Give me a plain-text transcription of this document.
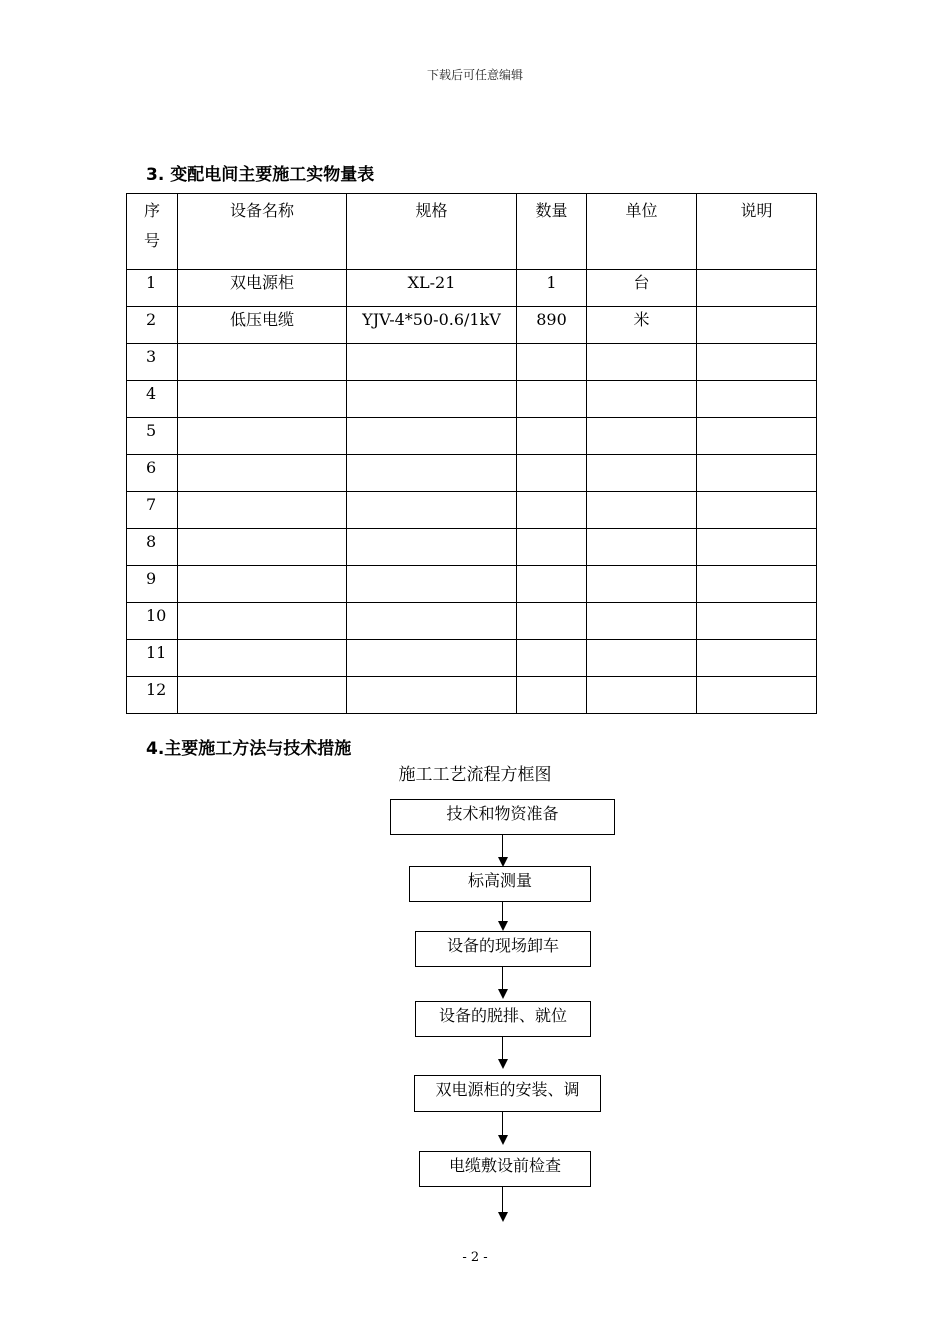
下载后可任意编辑
3. 变配电间主要施工实物量表
序号	设备名称	规格	数量	单位	说明
1	双电源柜	XL-21	1	台	
2	低压电缆	YJV-4*50-0.6/1kV	890	米	
3					
4					
5					
6					
7					
8					
9					
10					
11					
12					
4.主要施工方法与技术措施
施工工艺流程方框图
技术和物资准备
标高测量
设备的现场卸车
设备的脱排、就位
双电源柜的安装、调
电缆敷设前检查
- 2 -
